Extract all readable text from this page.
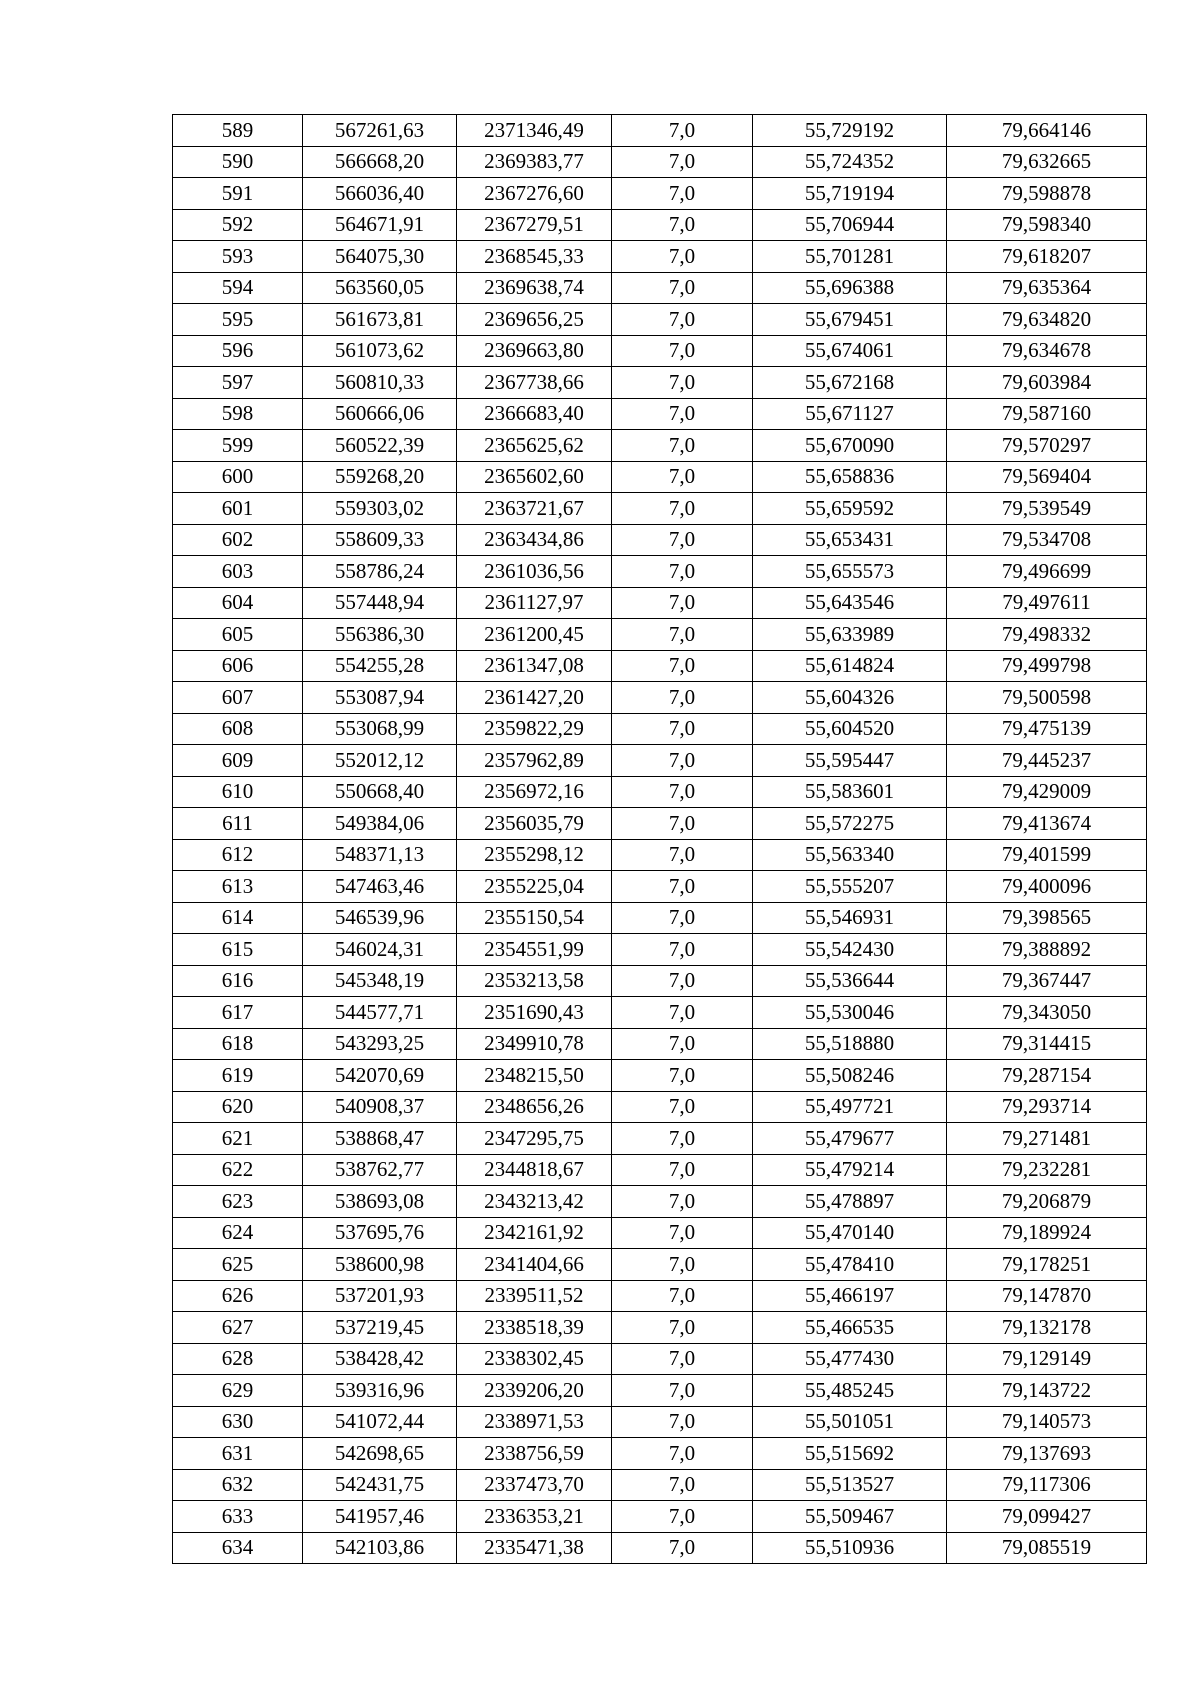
589	567261,63	2371346,49	7,0	55,729192	79,664146
590	566668,20	2369383,77	7,0	55,724352	79,632665
591	566036,40	2367276,60	7,0	55,719194	79,598878
592	564671,91	2367279,51	7,0	55,706944	79,598340
593	564075,30	2368545,33	7,0	55,701281	79,618207
594	563560,05	2369638,74	7,0	55,696388	79,635364
595	561673,81	2369656,25	7,0	55,679451	79,634820
596	561073,62	2369663,80	7,0	55,674061	79,634678
597	560810,33	2367738,66	7,0	55,672168	79,603984
598	560666,06	2366683,40	7,0	55,671127	79,587160
599	560522,39	2365625,62	7,0	55,670090	79,570297
600	559268,20	2365602,60	7,0	55,658836	79,569404
601	559303,02	2363721,67	7,0	55,659592	79,539549
602	558609,33	2363434,86	7,0	55,653431	79,534708
603	558786,24	2361036,56	7,0	55,655573	79,496699
604	557448,94	2361127,97	7,0	55,643546	79,497611
605	556386,30	2361200,45	7,0	55,633989	79,498332
606	554255,28	2361347,08	7,0	55,614824	79,499798
607	553087,94	2361427,20	7,0	55,604326	79,500598
608	553068,99	2359822,29	7,0	55,604520	79,475139
609	552012,12	2357962,89	7,0	55,595447	79,445237
610	550668,40	2356972,16	7,0	55,583601	79,429009
611	549384,06	2356035,79	7,0	55,572275	79,413674
612	548371,13	2355298,12	7,0	55,563340	79,401599
613	547463,46	2355225,04	7,0	55,555207	79,400096
614	546539,96	2355150,54	7,0	55,546931	79,398565
615	546024,31	2354551,99	7,0	55,542430	79,388892
616	545348,19	2353213,58	7,0	55,536644	79,367447
617	544577,71	2351690,43	7,0	55,530046	79,343050
618	543293,25	2349910,78	7,0	55,518880	79,314415
619	542070,69	2348215,50	7,0	55,508246	79,287154
620	540908,37	2348656,26	7,0	55,497721	79,293714
621	538868,47	2347295,75	7,0	55,479677	79,271481
622	538762,77	2344818,67	7,0	55,479214	79,232281
623	538693,08	2343213,42	7,0	55,478897	79,206879
624	537695,76	2342161,92	7,0	55,470140	79,189924
625	538600,98	2341404,66	7,0	55,478410	79,178251
626	537201,93	2339511,52	7,0	55,466197	79,147870
627	537219,45	2338518,39	7,0	55,466535	79,132178
628	538428,42	2338302,45	7,0	55,477430	79,129149
629	539316,96	2339206,20	7,0	55,485245	79,143722
630	541072,44	2338971,53	7,0	55,501051	79,140573
631	542698,65	2338756,59	7,0	55,515692	79,137693
632	542431,75	2337473,70	7,0	55,513527	79,117306
633	541957,46	2336353,21	7,0	55,509467	79,099427
634	542103,86	2335471,38	7,0	55,510936	79,085519
